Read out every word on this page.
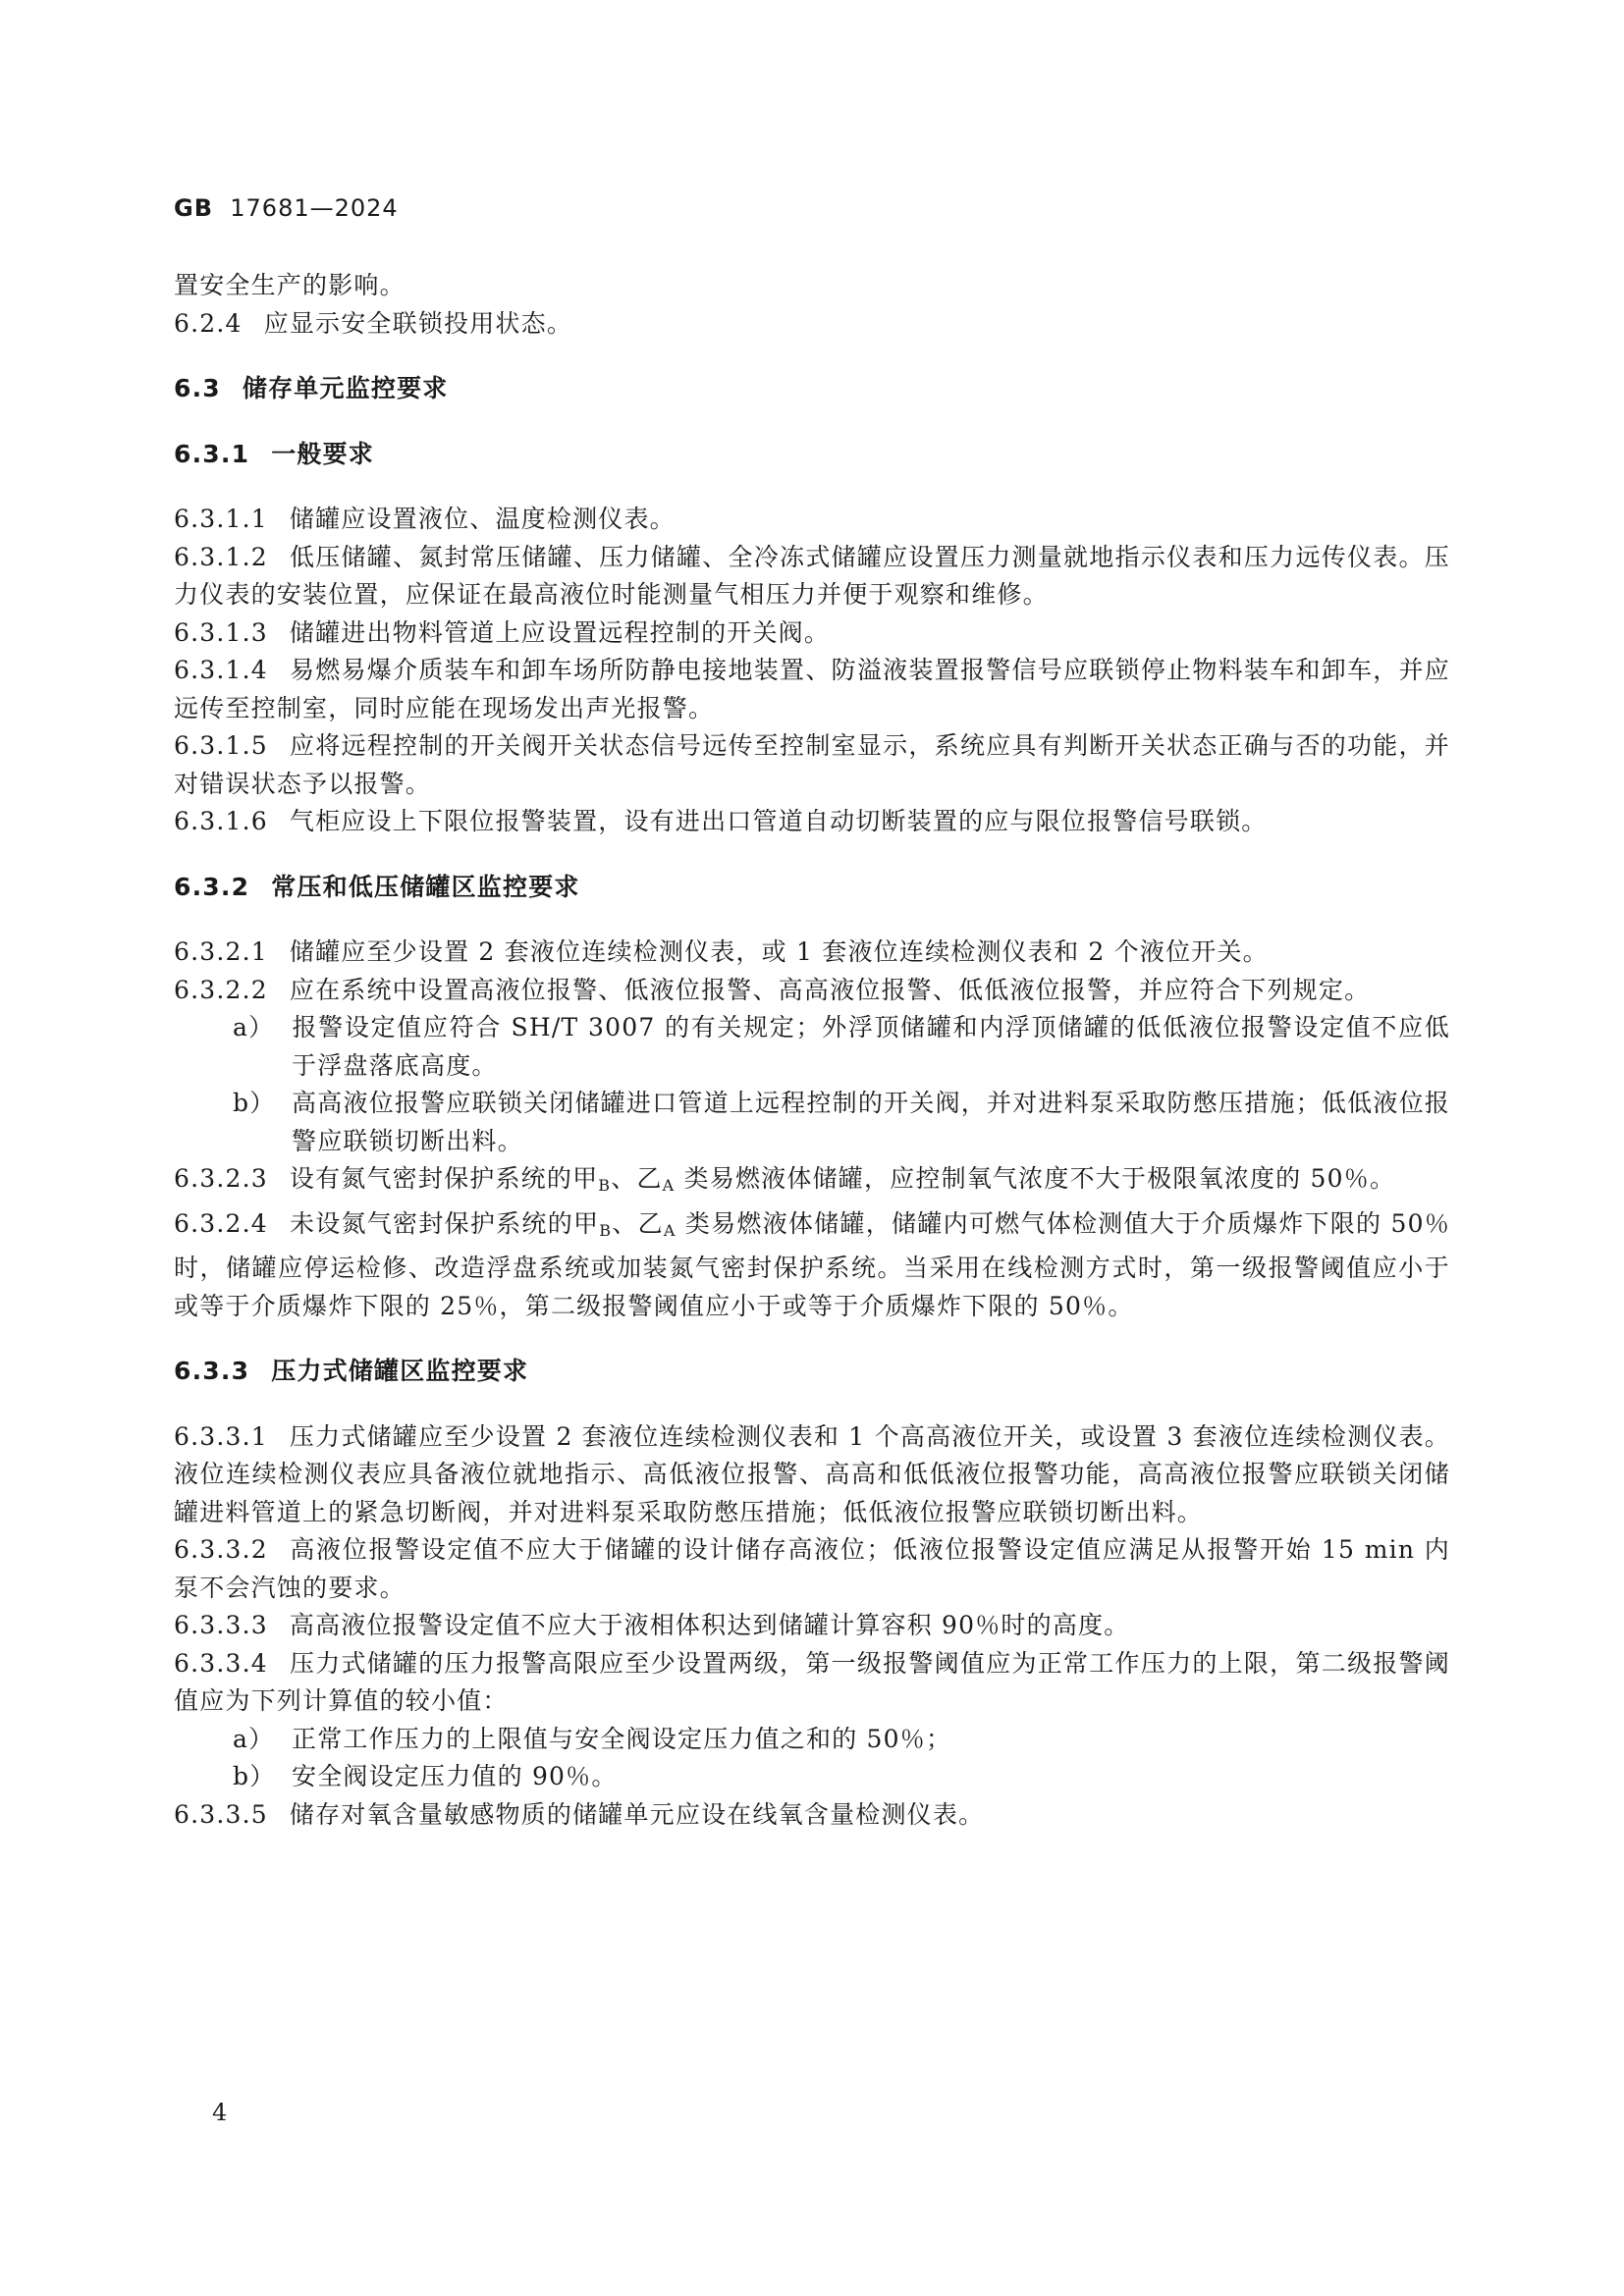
GB 17681—2024

置安全生产的影响。

6.2.4 应显示安全联锁投用状态。

6.3 储存单元监控要求

6.3.1 一般要求

6.3.1.1 储罐应设置液位、温度检测仪表。

6.3.1.2 低压储罐、氮封常压储罐、压力储罐、全冷冻式储罐应设置压力测量就地指示仪表和压力远传仪表。压力仪表的安装位置，应保证在最高液位时能测量气相压力并便于观察和维修。

6.3.1.3 储罐进出物料管道上应设置远程控制的开关阀。

6.3.1.4 易燃易爆介质装车和卸车场所防静电接地装置、防溢液装置报警信号应联锁停止物料装车和卸车，并应远传至控制室，同时应能在现场发出声光报警。

6.3.1.5 应将远程控制的开关阀开关状态信号远传至控制室显示，系统应具有判断开关状态正确与否的功能，并对错误状态予以报警。

6.3.1.6 气柜应设上下限位报警装置，设有进出口管道自动切断装置的应与限位报警信号联锁。

6.3.2 常压和低压储罐区监控要求

6.3.2.1 储罐应至少设置 2 套液位连续检测仪表，或 1 套液位连续检测仪表和 2 个液位开关。

6.3.2.2 应在系统中设置高液位报警、低液位报警、高高液位报警、低低液位报警，并应符合下列规定。

a） 报警设定值应符合 SH/T 3007 的有关规定；外浮顶储罐和内浮顶储罐的低低液位报警设定值不应低于浮盘落底高度。

b） 高高液位报警应联锁关闭储罐进口管道上远程控制的开关阀，并对进料泵采取防憋压措施；低低液位报警应联锁切断出料。

6.3.2.3 设有氮气密封保护系统的甲$_B$、乙$_A$ 类易燃液体储罐，应控制氧气浓度不大于极限氧浓度的 50％。

6.3.2.4 未设氮气密封保护系统的甲$_B$、乙$_A$ 类易燃液体储罐，储罐内可燃气体检测值大于介质爆炸下限的 50％时，储罐应停运检修、改造浮盘系统或加装氮气密封保护系统。当采用在线检测方式时，第一级报警阈值应小于或等于介质爆炸下限的 25％，第二级报警阈值应小于或等于介质爆炸下限的 50％。

6.3.3 压力式储罐区监控要求

6.3.3.1 压力式储罐应至少设置 2 套液位连续检测仪表和 1 个高高液位开关，或设置 3 套液位连续检测仪表。液位连续检测仪表应具备液位就地指示、高低液位报警、高高和低低液位报警功能，高高液位报警应联锁关闭储罐进料管道上的紧急切断阀，并对进料泵采取防憋压措施；低低液位报警应联锁切断出料。

6.3.3.2 高液位报警设定值不应大于储罐的设计储存高液位；低液位报警设定值应满足从报警开始 15 min 内泵不会汽蚀的要求。

6.3.3.3 高高液位报警设定值不应大于液相体积达到储罐计算容积 90％时的高度。

6.3.3.4 压力式储罐的压力报警高限应至少设置两级，第一级报警阈值应为正常工作压力的上限，第二级报警阈值应为下列计算值的较小值：

a） 正常工作压力的上限值与安全阀设定压力值之和的 50％；

b） 安全阀设定压力值的 90％。

6.3.3.5 储存对氧含量敏感物质的储罐单元应设在线氧含量检测仪表。

4
